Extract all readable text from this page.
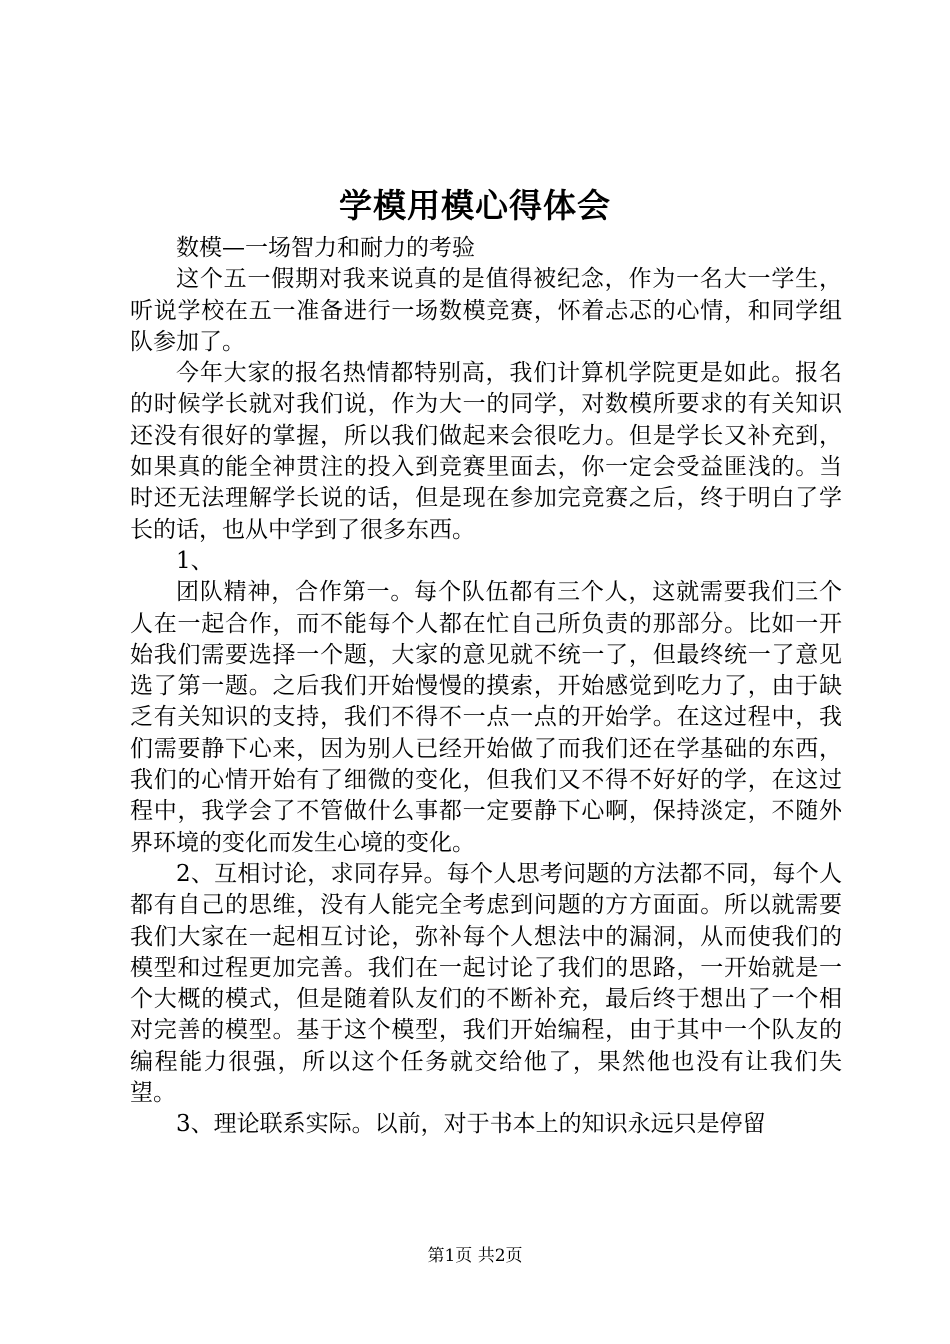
学模用模心得体会

数模—一场智力和耐力的考验

这个五一假期对我来说真的是值得被纪念，作为一名大一学生，听说学校在五一准备进行一场数模竞赛，怀着忐忑的心情，和同学组队参加了。

今年大家的报名热情都特别高，我们计算机学院更是如此。报名的时候学长就对我们说，作为大一的同学，对数模所要求的有关知识还没有很好的掌握，所以我们做起来会很吃力。但是学长又补充到，如果真的能全神贯注的投入到竞赛里面去，你一定会受益匪浅的。当时还无法理解学长说的话，但是现在参加完竞赛之后，终于明白了学长的话，也从中学到了很多东西。

1、

团队精神，合作第一。每个队伍都有三个人，这就需要我们三个人在一起合作，而不能每个人都在忙自己所负责的那部分。比如一开始我们需要选择一个题，大家的意见就不统一了，但最终统一了意见选了第一题。之后我们开始慢慢的摸索，开始感觉到吃力了，由于缺乏有关知识的支持，我们不得不一点一点的开始学。在这过程中，我们需要静下心来，因为别人已经开始做了而我们还在学基础的东西，我们的心情开始有了细微的变化，但我们又不得不好好的学，在这过程中，我学会了不管做什么事都一定要静下心啊，保持淡定，不随外界环境的变化而发生心境的变化。

2、互相讨论，求同存异。每个人思考问题的方法都不同，每个人都有自己的思维，没有人能完全考虑到问题的方方面面。所以就需要我们大家在一起相互讨论，弥补每个人想法中的漏洞，从而使我们的模型和过程更加完善。我们在一起讨论了我们的思路，一开始就是一个大概的模式，但是随着队友们的不断补充，最后终于想出了一个相对完善的模型。基于这个模型，我们开始编程，由于其中一个队友的编程能力很强，所以这个任务就交给他了，果然他也没有让我们失望。

3、理论联系实际。以前，对于书本上的知识永远只是停留

第1页 共2页
